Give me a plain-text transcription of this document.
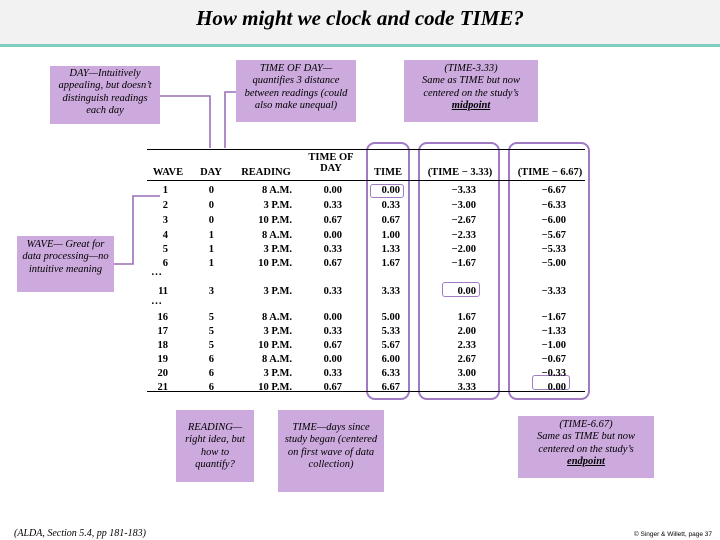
How might we clock and code TIME?
DAY—Intuitively appealing, but doesn’t distinguish readings each day
TIME OF DAY—quantifies 3 distance between readings (could also make unequal)
(TIME-3.33)
Same as TIME but now centered on the study’s
midpoint
WAVE— Great for data processing—no intuitive meaning
READING—right idea, but how to quantify?
TIME—days since study began (centered on first wave of data collection)
(TIME-6.67)
Same as TIME but now centered on the study’s
endpoint
WAVE	DAY	READING
TIME OF
DAY	TIME	(TIME − 3.33)	(TIME − 6.67)
…
…
1	0	8 A.M.	0.00	0.00	−3.33	−6.67
2	0	3 P.M.	0.33	0.33	−3.00	−6.33
3	0	10 P.M.	0.67	0.67	−2.67	−6.00
4	1	8 A.M.	0.00	1.00	−2.33	−5.67
5	1	3 P.M.	0.33	1.33	−2.00	−5.33
6	1	10 P.M.	0.67	1.67	−1.67	−5.00
11	3	3 P.M.	0.33	3.33	0.00	−3.33
16	5	8 A.M.	0.00	5.00	1.67	−1.67
17	5	3 P.M.	0.33	5.33	2.00	−1.33
18	5	10 P.M.	0.67	5.67	2.33	−1.00
19	6	8 A.M.	0.00	6.00	2.67	−0.67
20	6	3 P.M.	0.33	6.33	3.00	−0.33
21	6	10 P.M.	0.67	6.67	3.33	0.00
(ALDA, Section 5.4, pp 181-183)	© Singer & Willett, page 37
